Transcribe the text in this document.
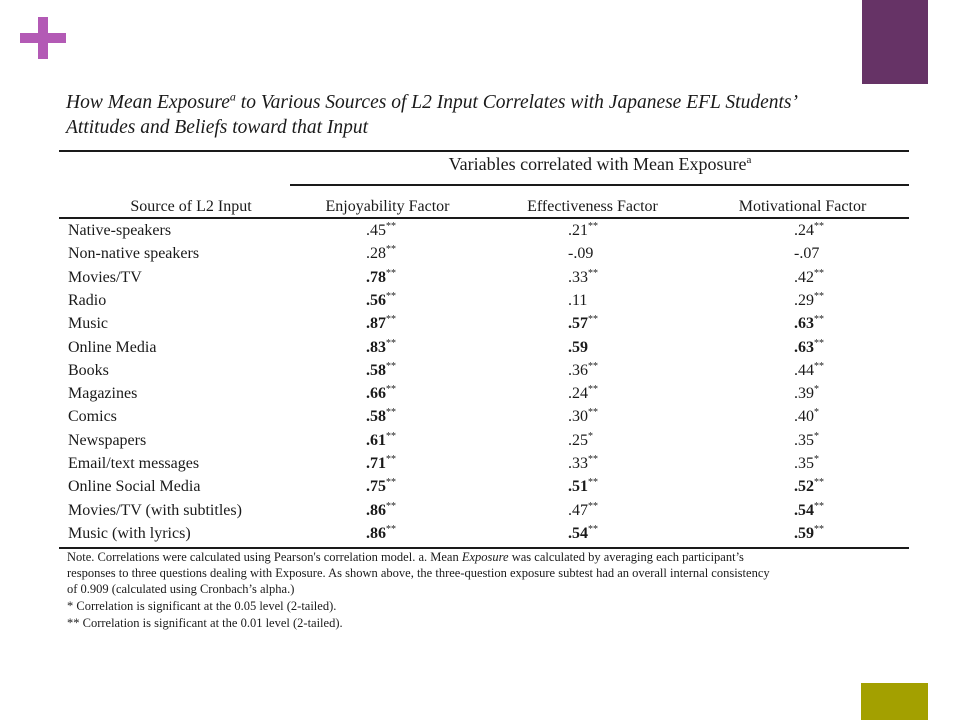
How Mean Exposure$^a$ to Various Sources of L2 Input Correlates with Japanese EFL Students’
Attitudes and Beliefs toward that Input
Variables correlated with Mean Exposure$^a$
Source of L2 Input	Enjoyability Factor	Effectiveness Factor	Motivational Factor
Native-speakers	.45**	.21**	.24**
Non-native speakers	.28**	-.09	-.07
Movies/TV	.78**	.33**	.42**
Radio	.56**	.11	.29**
Music	.87**	.57**	.63**
Online Media	.83**	.59	.63**
Books	.58**	.36**	.44**
Magazines	.66**	.24**	.39*
Comics	.58**	.30**	.40*
Newspapers	.61**	.25*	.35*
Email/text messages	.71**	.33**	.35*
Online Social Media	.75**	.51**	.52**
Movies/TV (with subtitles)	.86**	.47**	.54**
Music (with lyrics)	.86**	.54**	.59**
Note. Correlations were calculated using Pearson's correlation model. a. Mean Exposure was calculated by averaging each participant’s
responses to three questions dealing with Exposure. As shown above, the three-question exposure subtest had an overall internal consistency
of 0.909 (calculated using Cronbach’s alpha.)
* Correlation is significant at the 0.05 level (2-tailed).
** Correlation is significant at the 0.01 level (2-tailed).
